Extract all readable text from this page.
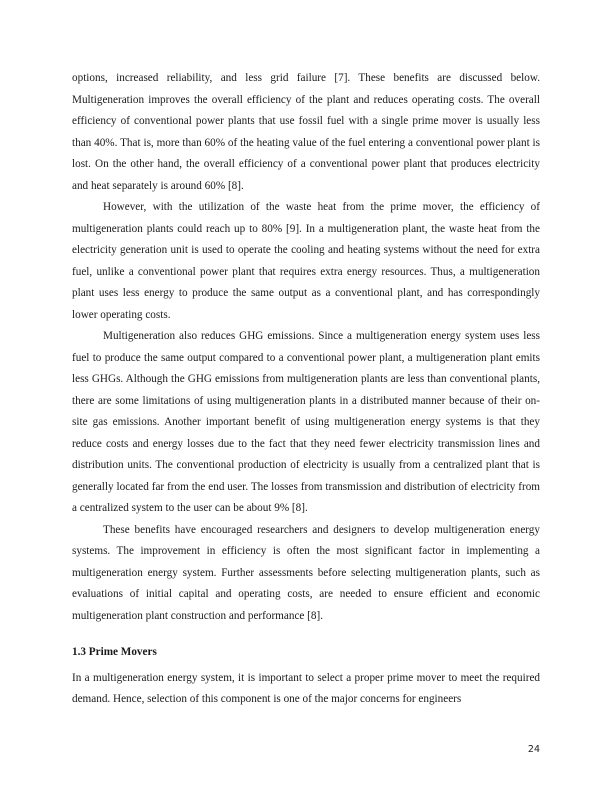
options, increased reliability, and less grid failure [7]. These benefits are discussed below. Multigeneration improves the overall efficiency of the plant and reduces operating costs. The overall efficiency of conventional power plants that use fossil fuel with a single prime mover is usually less than 40%. That is, more than 60% of the heating value of the fuel entering a conventional power plant is lost. On the other hand, the overall efficiency of a conventional power plant that produces electricity and heat separately is around 60% [8].

However, with the utilization of the waste heat from the prime mover, the efficiency of multigeneration plants could reach up to 80% [9]. In a multigeneration plant, the waste heat from the electricity generation unit is used to operate the cooling and heating systems without the need for extra fuel, unlike a conventional power plant that requires extra energy resources. Thus, a multigeneration plant uses less energy to produce the same output as a conventional plant, and has correspondingly lower operating costs.

Multigeneration also reduces GHG emissions. Since a multigeneration energy system uses less fuel to produce the same output compared to a conventional power plant, a multigeneration plant emits less GHGs. Although the GHG emissions from multigeneration plants are less than conventional plants, there are some limitations of using multigeneration plants in a distributed manner because of their on-site gas emissions. Another important benefit of using multigeneration energy systems is that they reduce costs and energy losses due to the fact that they need fewer electricity transmission lines and distribution units. The conventional production of electricity is usually from a centralized plant that is generally located far from the end user. The losses from transmission and distribution of electricity from a centralized system to the user can be about 9% [8].

These benefits have encouraged researchers and designers to develop multigeneration energy systems. The improvement in efficiency is often the most significant factor in implementing a multigeneration energy system. Further assessments before selecting multigeneration plants, such as evaluations of initial capital and operating costs, are needed to ensure efficient and economic multigeneration plant construction and performance [8].

1.3 Prime Movers

In a multigeneration energy system, it is important to select a proper prime mover to meet the required demand. Hence, selection of this component is one of the major concerns for engineers

24
